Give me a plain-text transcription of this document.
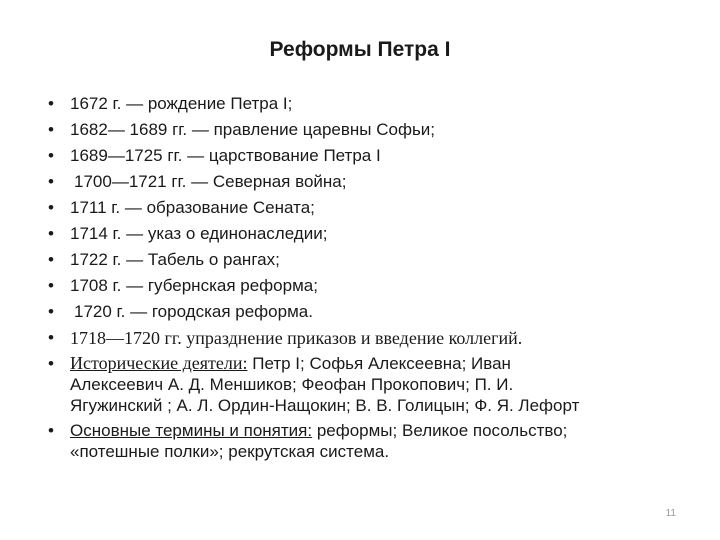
Реформы Петра I
• 1672 г. — рождение Петра I;
• 1682— 1689 гг. — правление царевны Софьи;
• 1689—1725 гг. — царствование Петра I
• 1700—1721 гг. — Северная война;
• 1711 г. — образование Сената;
• 1714 г. — указ о единонаследии;
• 1722 г. — Табель о рангах;
• 1708 г. — губернская реформа;
• 1720 г. — городская реформа.
• 1718—1720 гг. упразднение приказов и введение коллегий.
• Исторические деятели: Петр I; Софья Алексеевна; Иван
Алексеевич А. Д. Меншиков; Феофан Прокопович; П. И.
Ягужинский ; А. Л. Ордин-Нащокин; В. В. Голицын; Ф. Я. Лефорт
• Основные термины и понятия: реформы; Великое посольство;
«потешные полки»; рекрутская система.
11
